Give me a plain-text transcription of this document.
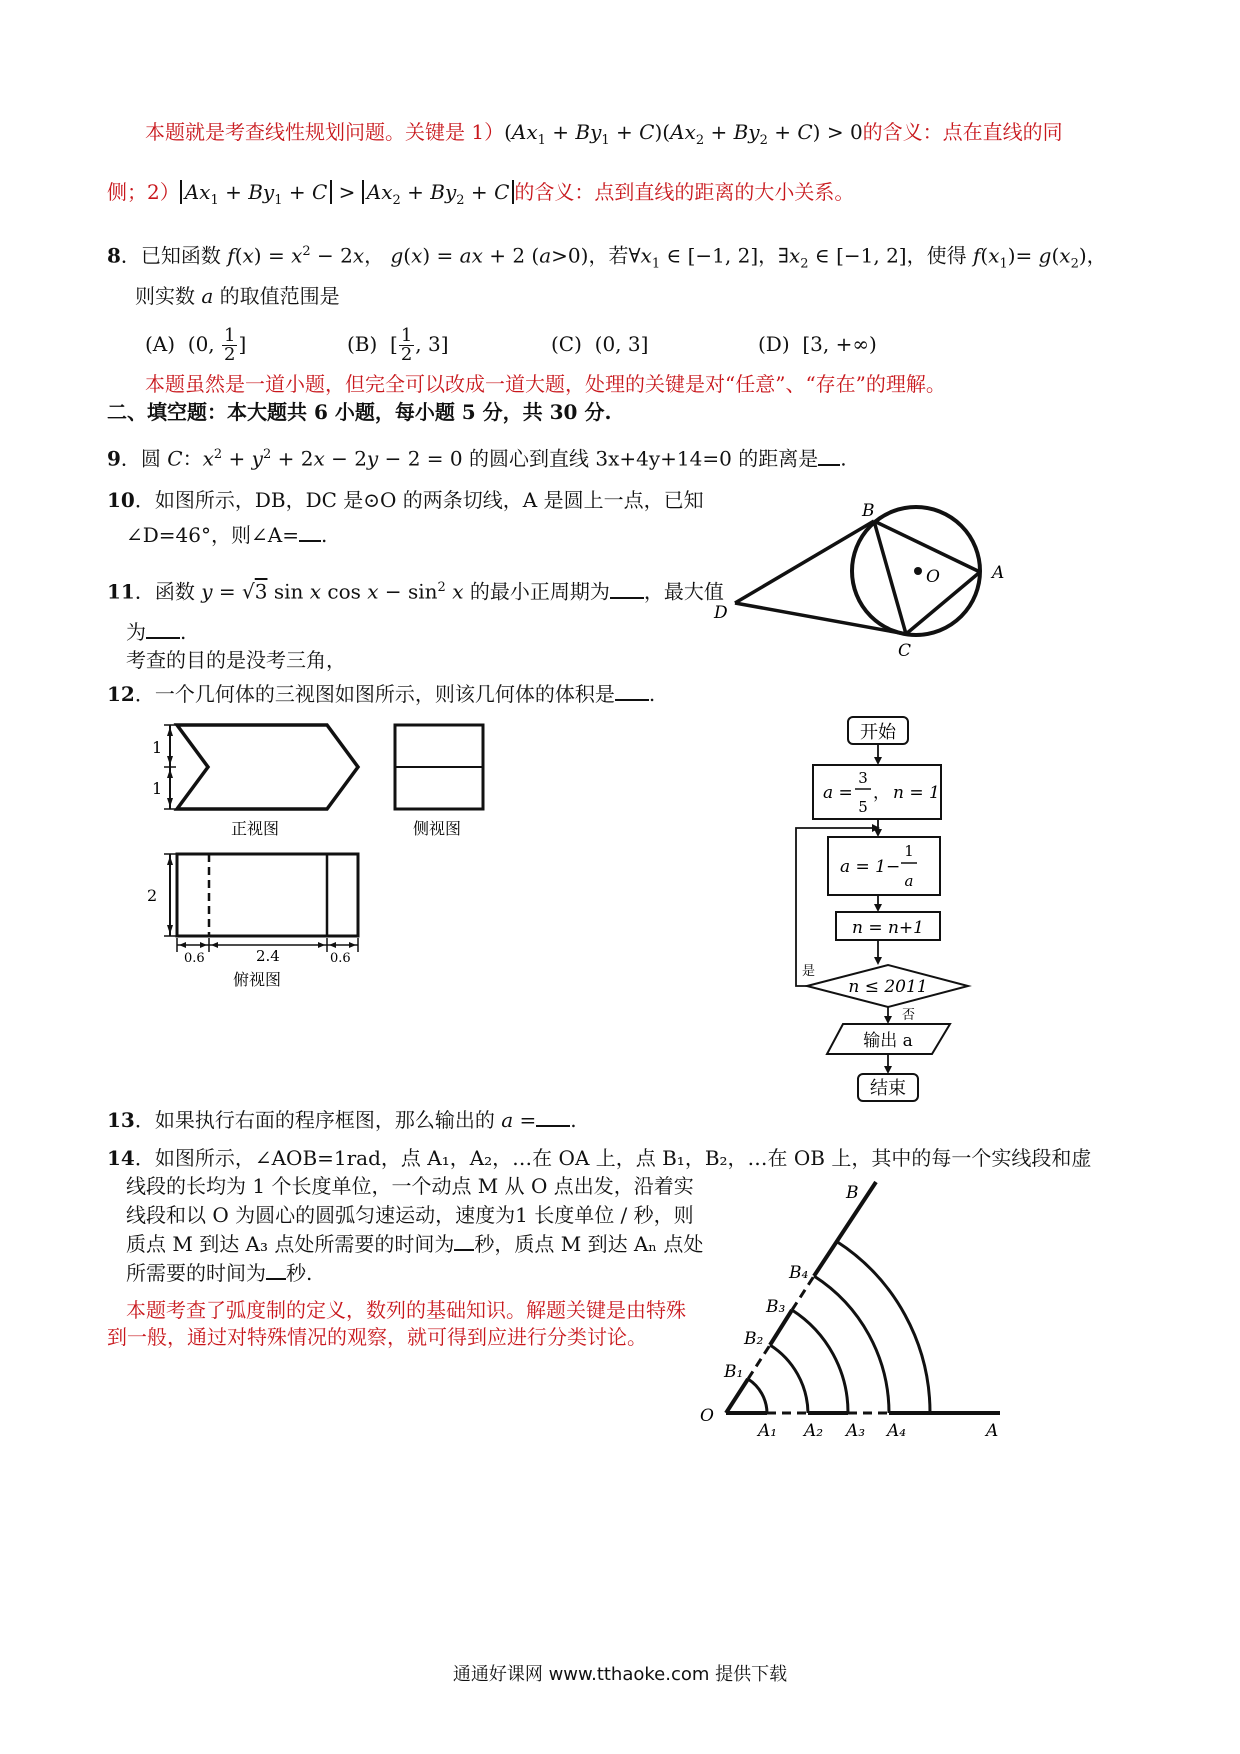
本题就是考查线性规划问题。关键是 $1)(Ax_1 + By_1 + C)(Ax_2 + By_2 + C) > 0$的含义：点在直线的同
侧；2） $Ax_1 + By_1 + C > Ax_2 + By_2 + C$ 的含义：点到直线的距离的大小关系。
8．已知函数 $f(x) = x^2 - 2x$， g(x) = ax + 2 (a>0)，若$\forall x_1$ ∈ [−1, 2]，$\exists x_2$ ∈ [−1, 2]，使得 $f(x_1)= g(x_2)$，
则实数 a 的取值范围是
(A)  (0, $\frac{1}{2}$ ]	(B)  [ $\frac{1}{2}$ , 3]	(C)  (0, 3]	(D)  [3, +∞)
本题虽然是一道小题，但完全可以改成一道大题，处理的关键是对“任意”、“存在”的理解。
二、填空题：本大题共 6 小题，每小题 5 分，共 30 分.
9．圆 C：$x^2 + y^2 + 2x - 2y - 2 = 0$ 的圆心到直线 3x+4y+14=0 的距离是 .
10．如图所示，DB，DC 是⊙O 的两条切线，A 是圆上一点，已知
∠D=46°，则∠A= .
11．函数 y = √3 sin x $\cos x - \sin^2 x$ 的最小正周期为 ，最大值
为 .
考查的目的是没考三角，
12．一个几何体的三视图如图所示，则该几何体的体积是 .
B
A
O
D
C
1
1
正视图	侧视图
2
0.6	2.4	0.6
俯视图
开始
a =
3
5
， n = 1
a = 1−
1
a
n = n+1
n ≤ 2011
是
否
输出 a
结束
13．如果执行右面的程序框图，那么输出的 a = .
14．如图所示，∠AOB=1rad，点 A₁，A₂，…在 OA 上，点 B₁，B₂，…在 OB 上，其中的每一个实线段和虚
线段的长均为 1 个长度单位，一个动点 M 从 O 点出发，沿着实
线段和以 O 为圆心的圆弧匀速运动，速度为1 长度单位 / 秒，则
质点 M 到达 A₃ 点处所需要的时间为 秒，质点 M 到达 Aₙ 点处
所需要的时间为 秒.
本题考查了弧度制的定义，数列的基础知识。解题关键是由特殊
到一般，通过对特殊情况的观察，就可得到应进行分类讨论。
B
O
A
B₁
B₂
B₃
B₄
A₁ A₂ A₃ A₄
通通好课网 www.tthaoke.com 提供下载
